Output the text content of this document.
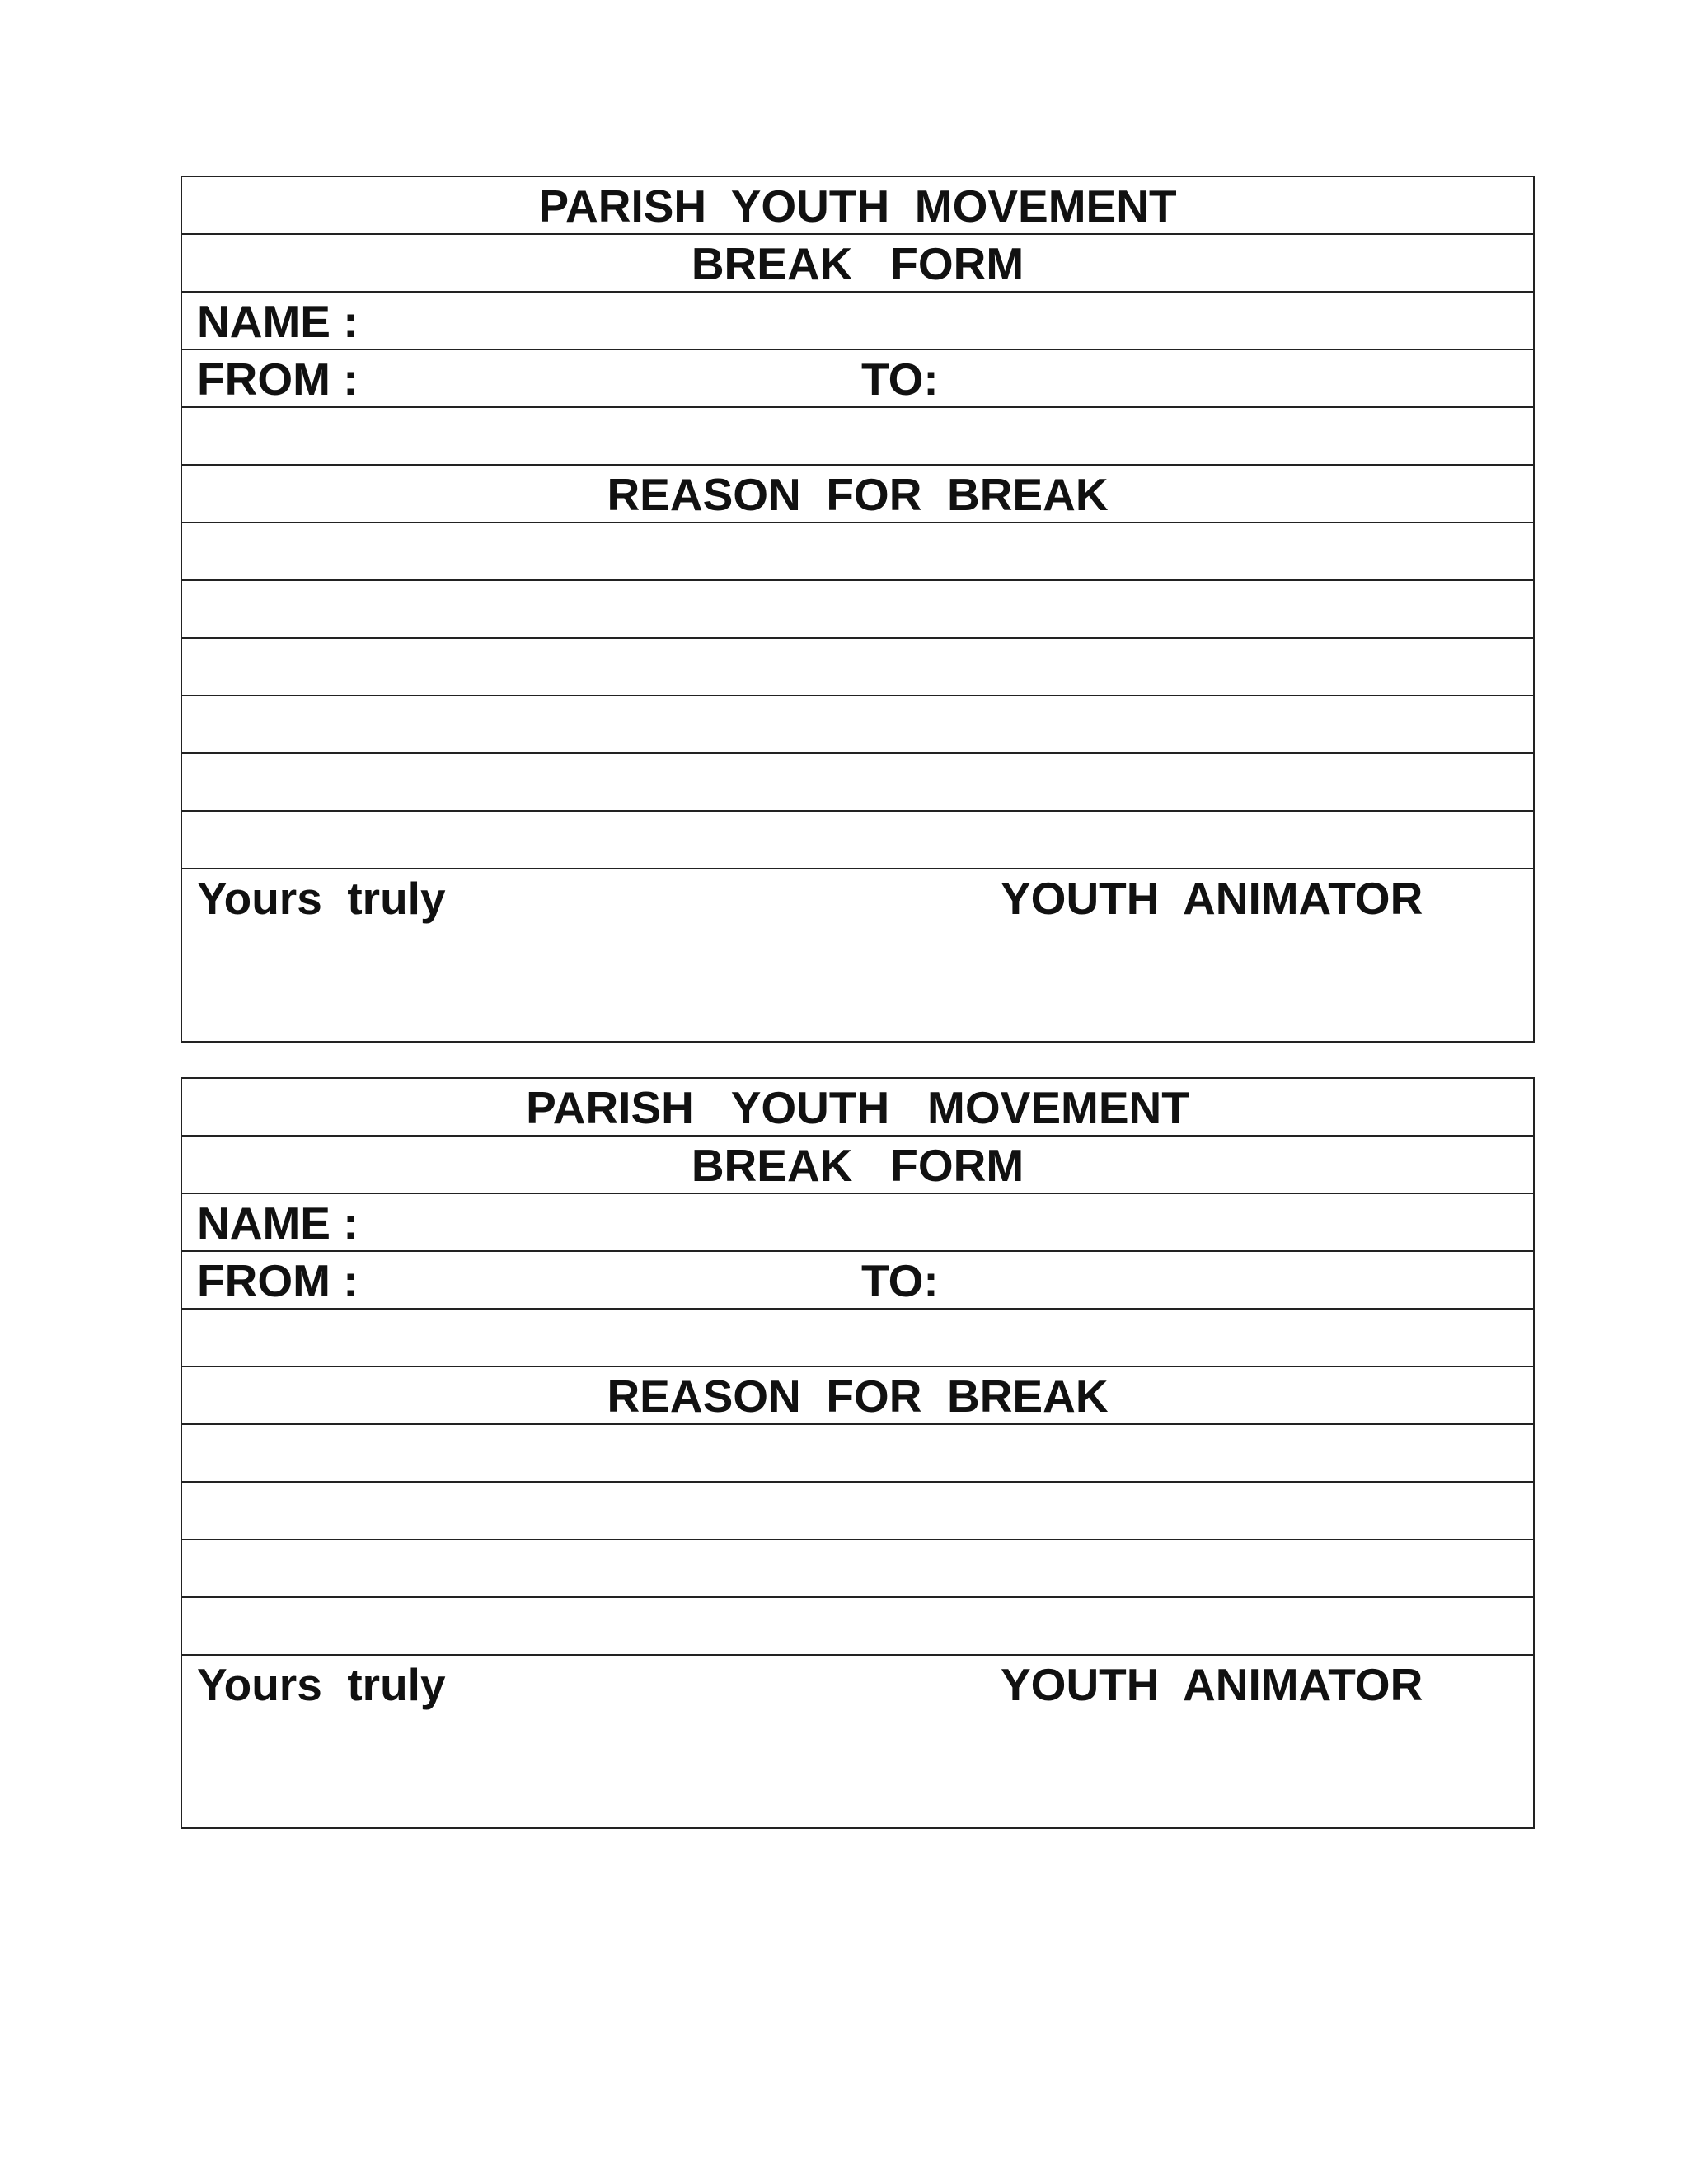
PARISH  YOUTH  MOVEMENT
BREAK   FORM
NAME :
FROM :	TO:
REASON  FOR  BREAK
Yours  truly	YOUTH  ANIMATOR
PARISH   YOUTH   MOVEMENT
BREAK   FORM
NAME :
FROM :	TO:
REASON  FOR  BREAK
Yours  truly	YOUTH  ANIMATOR
